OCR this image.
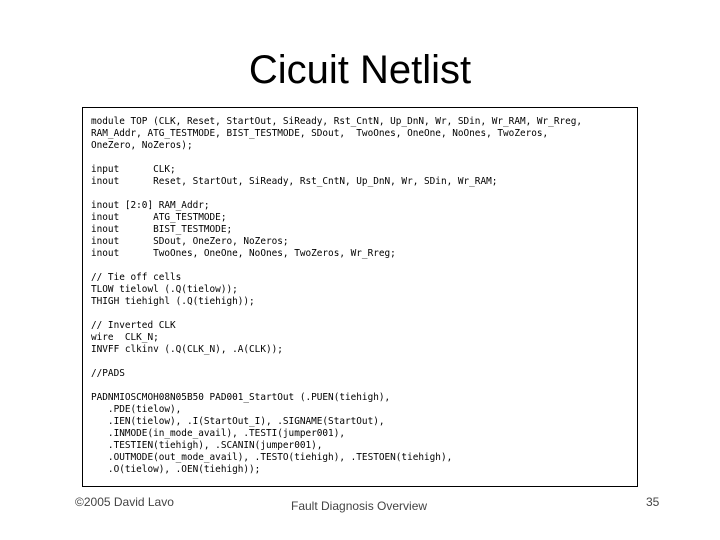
Cicuit Netlist
module TOP (CLK, Reset, StartOut, SiReady, Rst_CntN, Up_DnN, Wr, SDin, Wr_RAM, Wr_Rreg,
RAM_Addr, ATG_TESTMODE, BIST_TESTMODE, SDout,  TwoOnes, OneOne, NoOnes, TwoZeros,
OneZero, NoZeros);
input      CLK;
inout      Reset, StartOut, SiReady, Rst_CntN, Up_DnN, Wr, SDin, Wr_RAM;
inout [2:0] RAM_Addr;
inout      ATG_TESTMODE;
inout      BIST_TESTMODE;
inout      SDout, OneZero, NoZeros;
inout      TwoOnes, OneOne, NoOnes, TwoZeros, Wr_Rreg;
// Tie off cells
TLOW tielowl (.Q(tielow));
THIGH tiehighl (.Q(tiehigh));
// Inverted CLK
wire  CLK_N;
INVFF clkinv (.Q(CLK_N), .A(CLK));
//PADS
PADNMIOSCMOH08N05B50 PAD001_StartOut (.PUEN(tiehigh),
.PDE(tielow),
.IEN(tielow), .I(StartOut_I), .SIGNAME(StartOut),
.INMODE(in_mode_avail), .TESTI(jumper001),
.TESTIEN(tiehigh), .SCANIN(jumper001),
.OUTMODE(out_mode_avail), .TESTO(tiehigh), .TESTOEN(tiehigh),
.O(tielow), .OEN(tiehigh));
©2005 David Lavo	Fault Diagnosis Overview	35
